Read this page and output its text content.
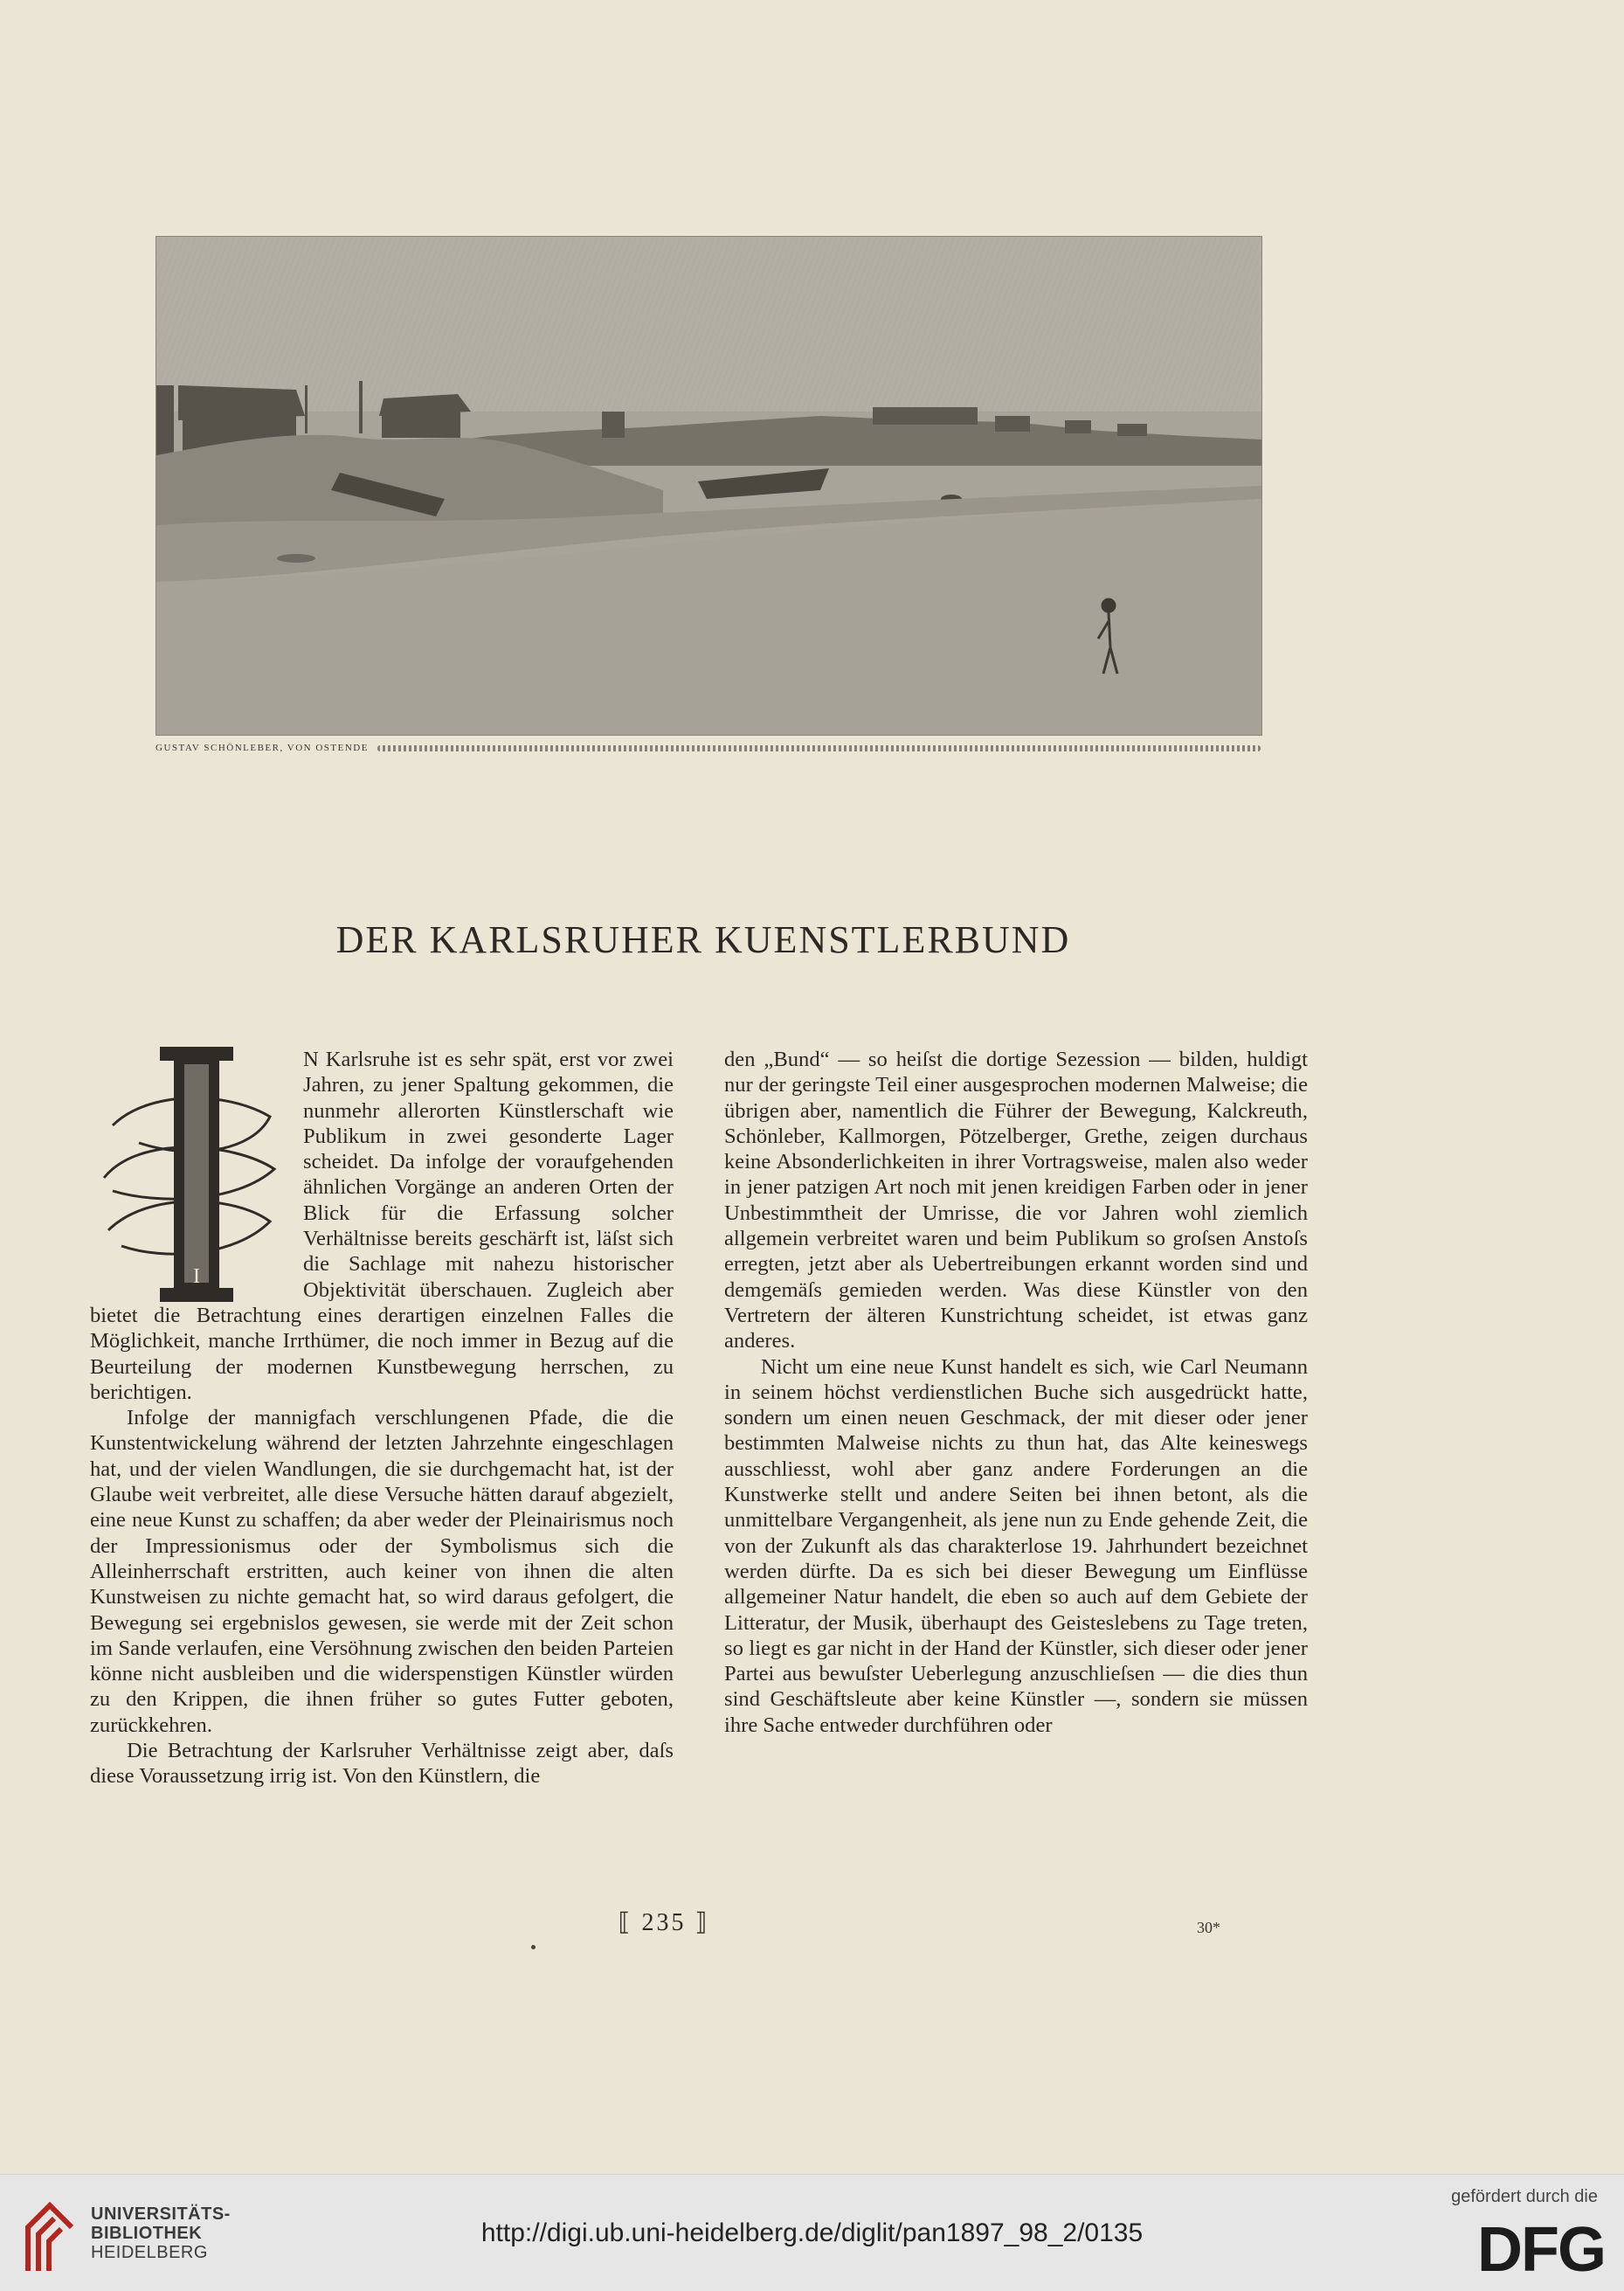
GUSTAV SCHÖNLEBER, VON OSTENDE
DER KARLSRUHER KUENSTLERBUND
I

N Karlsruhe ist es sehr spät, erst vor zwei Jahren, zu jener Spaltung gekommen, die nunmehr allerorten Künstlerschaft wie Publikum in zwei gesonderte Lager scheidet. Da infolge der voraufgehenden ähnlichen Vorgänge an anderen Orten der Blick für die Erfassung solcher Verhältnisse bereits geschärft ist, läſst sich die Sachlage mit nahezu historischer Objektivität überschauen. Zugleich aber bietet die Betrachtung eines derartigen einzelnen Falles die Möglichkeit, manche Irrthümer, die noch immer in Bezug auf die Beurteilung der modernen Kunstbewegung herrschen, zu berichtigen.

Infolge der mannigfach verschlungenen Pfade, die die Kunstentwickelung während der letzten Jahrzehnte eingeschlagen hat, und der vielen Wandlungen, die sie durchgemacht hat, ist der Glaube weit verbreitet, alle diese Versuche hätten darauf abgezielt, eine neue Kunst zu schaffen; da aber weder der Pleinairismus noch der Impressionismus oder der Symbolismus sich die Alleinherrschaft erstritten, auch keiner von ihnen die alten Kunstweisen zu nichte gemacht hat, so wird daraus gefolgert, die Bewegung sei ergebnislos gewesen, sie werde mit der Zeit schon im Sande verlaufen, eine Versöhnung zwischen den beiden Parteien könne nicht ausbleiben und die widerspenstigen Künstler würden zu den Krippen, die ihnen früher so gutes Futter geboten, zurückkehren.

Die Betrachtung der Karlsruher Verhältnisse zeigt aber, daſs diese Voraussetzung irrig ist. Von den Künstlern, die

den „Bund“ — so heiſst die dortige Sezession — bilden, huldigt nur der geringste Teil einer ausgesprochen modernen Malweise; die übrigen aber, namentlich die Führer der Bewegung, Kalckreuth, Schönleber, Kallmorgen, Pötzelberger, Grethe, zeigen durchaus keine Absonderlichkeiten in ihrer Vortragsweise, malen also weder in jener patzigen Art noch mit jenen kreidigen Farben oder in jener Unbestimmtheit der Umrisse, die vor Jahren wohl ziemlich allgemein verbreitet waren und beim Publikum so groſsen Anstoſs erregten, jetzt aber als Uebertreibungen erkannt worden sind und demgemäſs gemieden werden. Was diese Künstler von den Vertretern der älteren Kunstrichtung scheidet, ist etwas ganz anderes.

Nicht um eine neue Kunst handelt es sich, wie Carl Neumann in seinem höchst verdienstlichen Buche sich ausgedrückt hatte, sondern um einen neuen Geschmack, der mit dieser oder jener bestimmten Malweise nichts zu thun hat, das Alte keineswegs ausschliesst, wohl aber ganz andere Forderungen an die Kunstwerke stellt und andere Seiten bei ihnen betont, als die unmittelbare Vergangenheit, als jene nun zu Ende gehende Zeit, die von der Zukunft als das charakterlose 19. Jahrhundert bezeichnet werden dürfte. Da es sich bei dieser Bewegung um Einflüsse allgemeiner Natur handelt, die eben so auch auf dem Gebiete der Litteratur, der Musik, überhaupt des Geisteslebens zu Tage treten, so liegt es gar nicht in der Hand der Künstler, sich dieser oder jener Partei aus bewuſster Ueberlegung anzuschlieſsen — die dies thun sind Geschäftsleute aber keine Künstler —, sondern sie müssen ihre Sache entweder durchführen oder

⟦ 235 ⟧	30*
UNIVERSITÄTS-
BIBLIOTHEK
HEIDELBERG
http://digi.ub.uni-heidelberg.de/diglit/pan1897_98_2/0135
gefördert durch die
DFG
